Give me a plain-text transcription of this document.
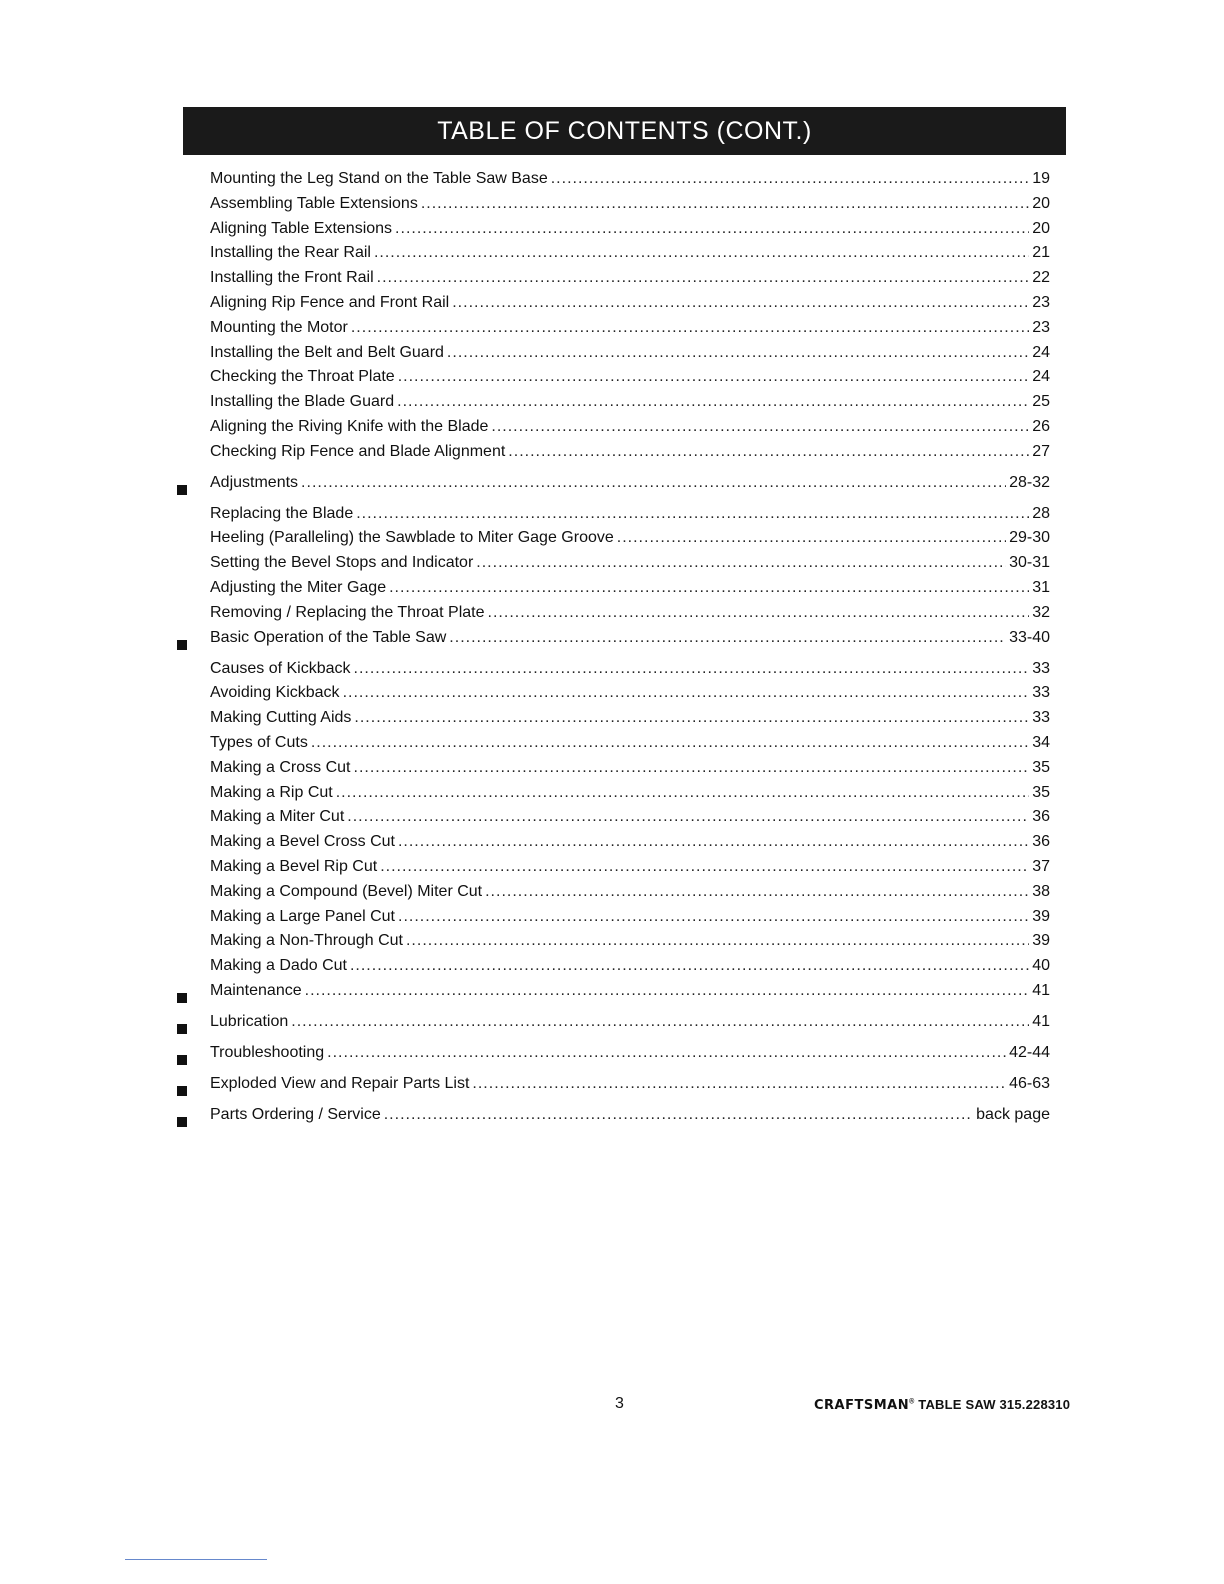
TABLE OF CONTENTS (CONT.)
Mounting the Leg Stand on the Table Saw Base .....	19
Assembling Table Extensions .....	20
Aligning Table Extensions .....	20
Installing the Rear Rail .....	21
Installing the Front Rail .....	22
Aligning Rip Fence and Front Rail .....	23
Mounting the Motor .....	23
Installing the Belt and Belt Guard .....	24
Checking the Throat Plate .....	24
Installing the Blade Guard .....	25
Aligning the Riving Knife with the Blade .....	26
Checking Rip Fence and Blade Alignment .....	27
Adjustments .....	28-32
Replacing the Blade .....	28
Heeling (Paralleling) the Sawblade to Miter Gage Groove .....	29-30
Setting the Bevel Stops and Indicator .....	30-31
Adjusting the Miter Gage .....	31
Removing / Replacing the Throat Plate .....	32
Basic Operation of the Table Saw .....	33-40
Causes of Kickback .....	33
Avoiding Kickback .....	33
Making Cutting Aids .....	33
Types of Cuts .....	34
Making a Cross Cut .....	35
Making a Rip Cut .....	35
Making a Miter Cut .....	36
Making a Bevel Cross Cut .....	36
Making a Bevel Rip Cut .....	37
Making a Compound (Bevel) Miter Cut .....	38
Making a Large Panel Cut .....	39
Making a Non-Through Cut .....	39
Making a Dado Cut .....	40
Maintenance .....	41
Lubrication .....	41
Troubleshooting .....	42-44
Exploded View and Repair Parts List .....	46-63
Parts Ordering / Service .....	back page
3	CRAFTSMAN® TABLE SAW 315.228310
